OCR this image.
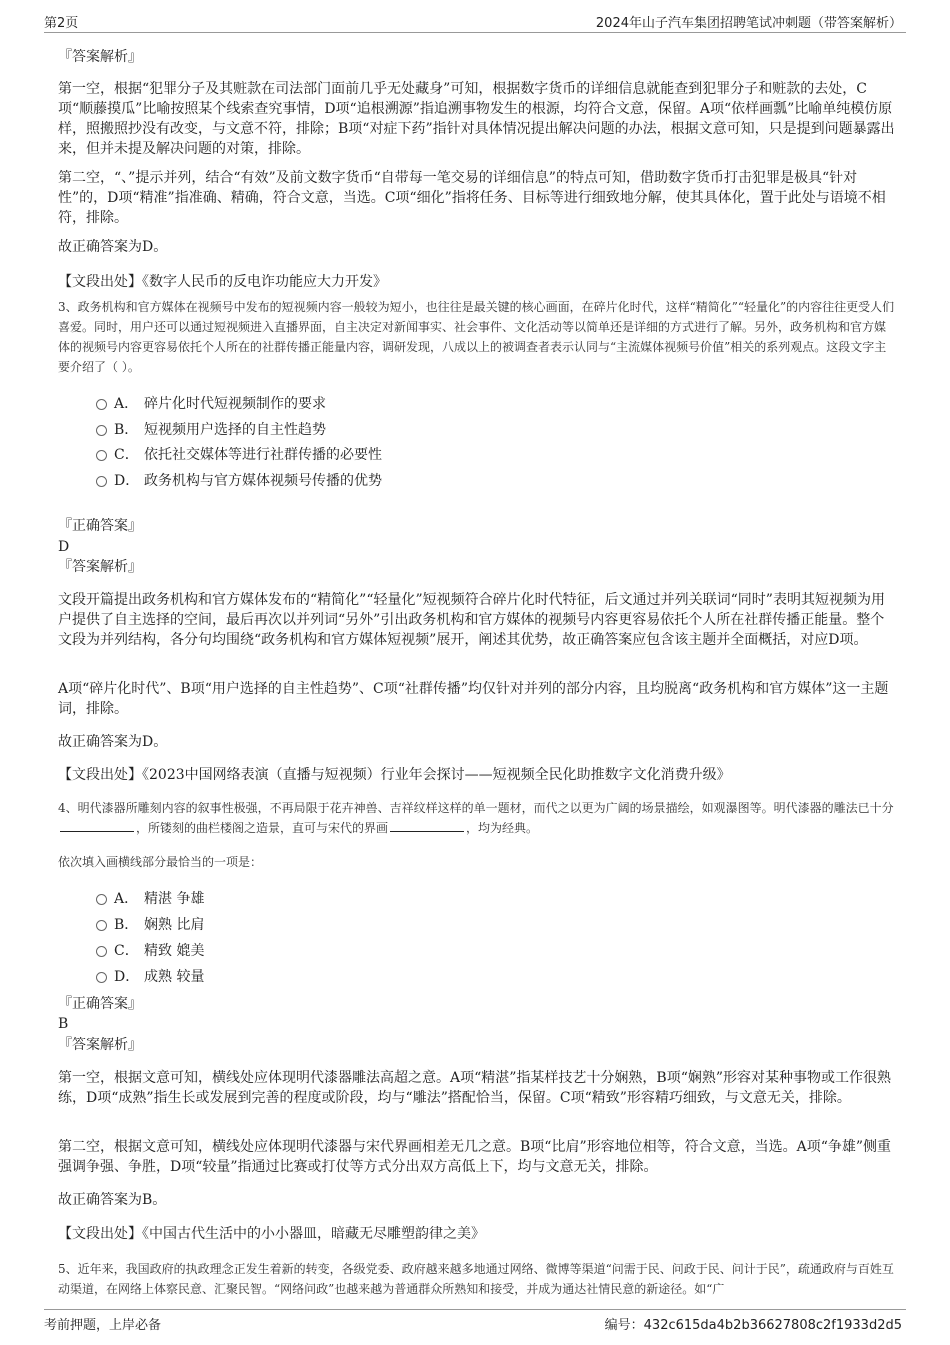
第2页	2024年山子汽车集团招聘笔试冲刺题（带答案解析）

『答案解析』

第一空，根据“犯罪分子及其赃款在司法部门面前几乎无处藏身”可知，根据数字货币的详细信息就能查到犯罪分子和赃款的去处，C项“顺藤摸瓜”比喻按照某个线索查究事情，D项“追根溯源”指追溯事物发生的根源，均符合文意，保留。A项“依样画瓢”比喻单纯模仿原样，照搬照抄没有改变，与文意不符，排除；B项“对症下药”指针对具体情况提出解决问题的办法，根据文意可知，只是提到问题暴露出来，但并未提及解决问题的对策，排除。

第二空，“、”提示并列，结合“有效”及前文数字货币“自带每一笔交易的详细信息”的特点可知，借助数字货币打击犯罪是极具“针对性”的，D项“精准”指准确、精确，符合文意，当选。C项“细化”指将任务、目标等进行细致地分解，使其具体化，置于此处与语境不相符，排除。

故正确答案为D。

【文段出处】《数字人民币的反电诈功能应大力开发》

3、政务机构和官方媒体在视频号中发布的短视频内容一般较为短小，也往往是最关键的核心画面，在碎片化时代，这样“精简化”“轻量化”的内容往往更受人们喜爱。同时，用户还可以通过短视频进入直播界面，自主决定对新闻事实、社会事件、文化活动等以简单还是详细的方式进行了解。另外，政务机构和官方媒体的视频号内容更容易依托个人所在的社群传播正能量内容，调研发现，八成以上的被调查者表示认同与“主流媒体视频号价值”相关的系列观点。这段文字主要介绍了（ ）。

A． 碎片化时代短视频制作的要求
B． 短视频用户选择的自主性趋势
C． 依托社交媒体等进行社群传播的必要性
D． 政务机构与官方媒体视频号传播的优势

『正确答案』

D

『答案解析』

文段开篇提出政务机构和官方媒体发布的“精简化”“轻量化”短视频符合碎片化时代特征，后文通过并列关联词“同时”表明其短视频为用户提供了自主选择的空间，最后再次以并列词“另外”引出政务机构和官方媒体的视频号内容更容易依托个人所在社群传播正能量。整个文段为并列结构，各分句均围绕“政务机构和官方媒体短视频”展开，阐述其优势，故正确答案应包含该主题并全面概括，对应D项。

A项“碎片化时代”、B项“用户选择的自主性趋势”、C项“社群传播”均仅针对并列的部分内容，且均脱离“政务机构和官方媒体”这一主题词，排除。

故正确答案为D。

【文段出处】《2023中国网络表演（直播与短视频）行业年会探讨——短视频全民化助推数字文化消费升级》

4、明代漆器所雕刻内容的叙事性极强，不再局限于花卉神兽、吉祥纹样这样的单一题材，而代之以更为广阔的场景描绘，如观瀑图等。明代漆器的雕法已十分，所镂刻的曲栏楼阁之造景，直可与宋代的界画	，均为经典。

依次填入画横线部分最恰当的一项是：

A． 精湛 争雄
B． 娴熟 比肩
C． 精致 媲美
D． 成熟 较量

『正确答案』

B

『答案解析』

第一空，根据文意可知，横线处应体现明代漆器雕法高超之意。A项“精湛”指某样技艺十分娴熟，B项“娴熟”形容对某种事物或工作很熟练，D项“成熟”指生长或发展到完善的程度或阶段，均与“雕法”搭配恰当，保留。C项“精致”形容精巧细致，与文意无关，排除。

第二空，根据文意可知，横线处应体现明代漆器与宋代界画相差无几之意。B项“比肩”形容地位相等，符合文意，当选。A项“争雄”侧重强调争强、争胜，D项“较量”指通过比赛或打仗等方式分出双方高低上下，均与文意无关，排除。

故正确答案为B。

【文段出处】《中国古代生活中的小小器皿，暗藏无尽雕塑韵律之美》

5、近年来，我国政府的执政理念正发生着新的转变，各级党委、政府越来越多地通过网络、微博等渠道“问需于民、问政于民、问计于民”，疏通政府与百姓互动渠道，在网络上体察民意、汇聚民智。“网络问政”也越来越为普通群众所熟知和接受，并成为通达社情民意的新途径。如“广

考前押题，上岸必备	编号：432c615da4b2b36627808c2f1933d2d5
